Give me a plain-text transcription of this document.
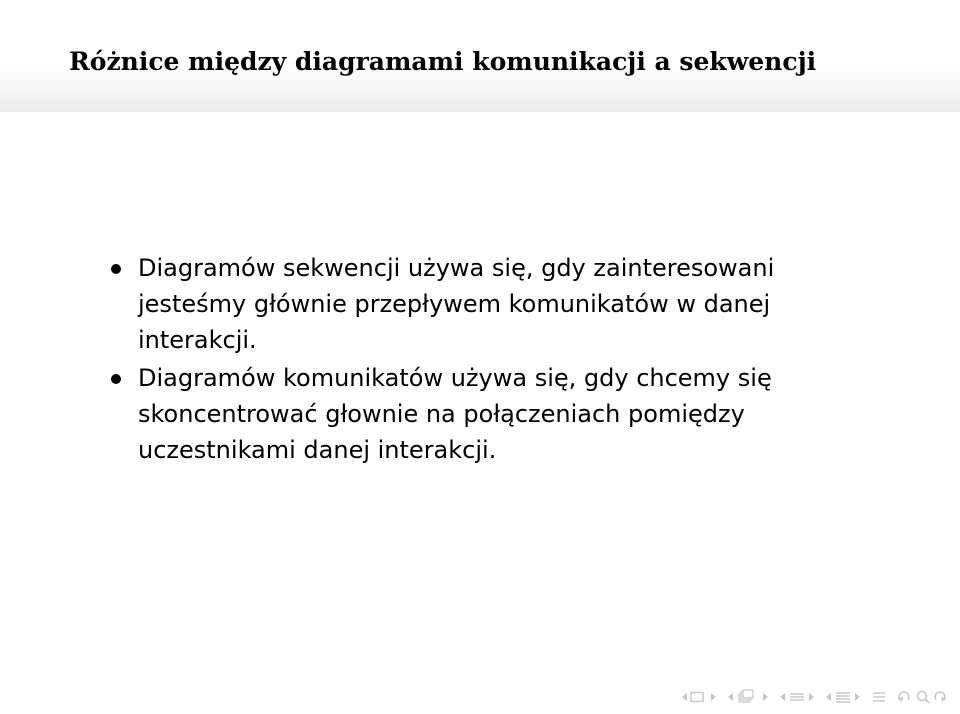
Różnice między diagramami komunikacji a sekwencji
Diagramów sekwencji używa się, gdy zainteresowani jesteśmy głównie przepływem komunikatów w danej interakcji.
Diagramów komunikatów używa się, gdy chcemy się skoncentrować głownie na połączeniach pomiędzy uczestnikami danej interakcji.
